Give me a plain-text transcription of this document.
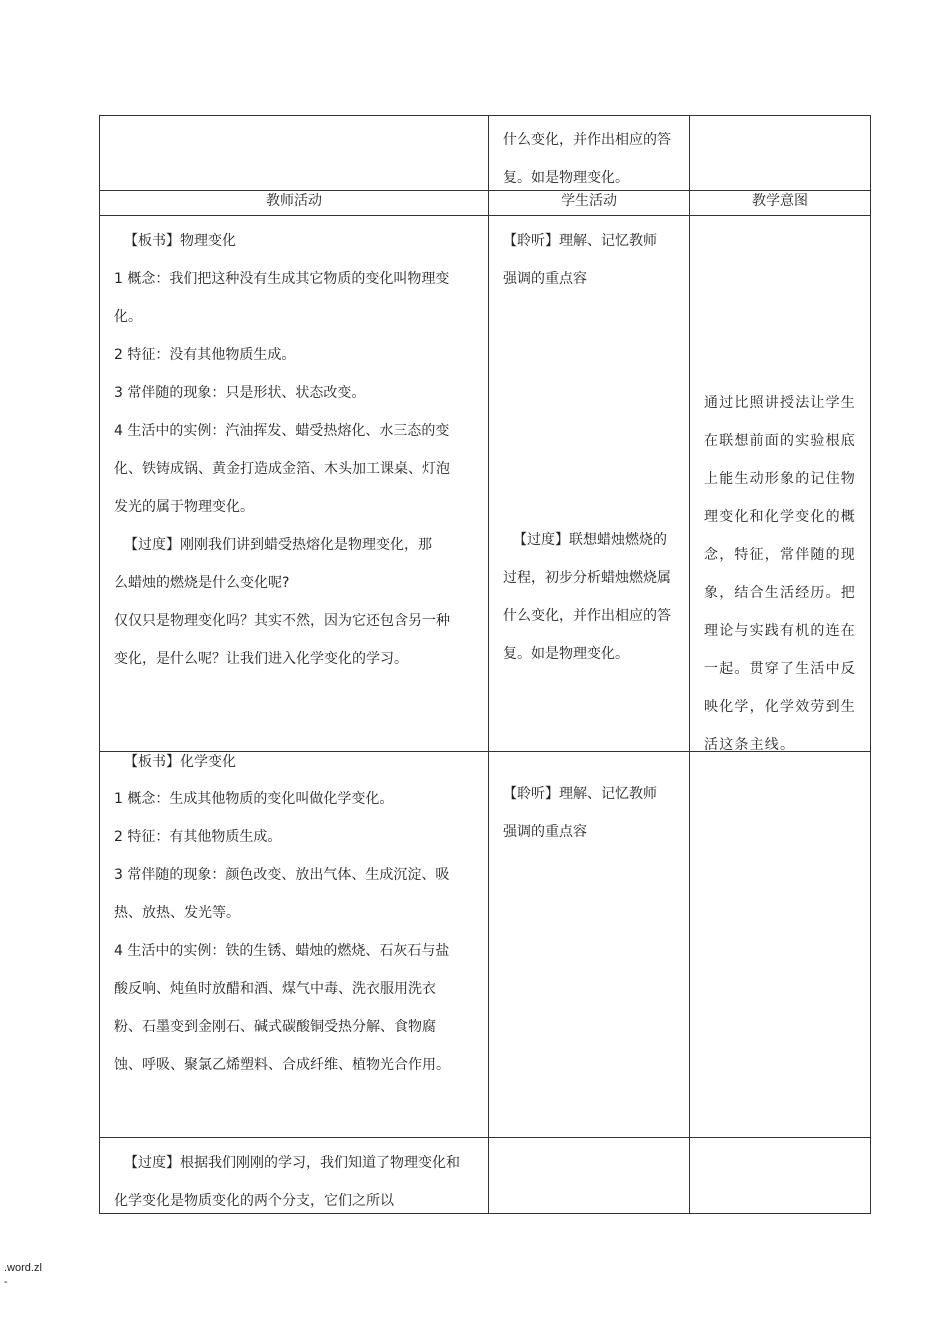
什么变化，并作出相应的答

复。如是物理变化。

教师活动	学生活动	教学意图

【板书】物理变化

1 概念：我们把这种没有生成其它物质的变化叫物理变

化。

2 特征：没有其他物质生成。

3 常伴随的现象：只是形状、状态改变。

4 生活中的实例：汽油挥发、蜡受热熔化、水三态的变

化、铁铸成锅、黄金打造成金箔、木头加工课桌、灯泡

发光的属于物理变化。

【过度】刚刚我们讲到蜡受热熔化是物理变化，那

么蜡烛的燃烧是什么变化呢?

仅仅只是物理变化吗？其实不然，因为它还包含另一种

变化，是什么呢？让我们进入化学变化的学习。

【聆听】理解、记忆教师

强调的重点容

【过度】联想蜡烛燃烧的

过程，初步分析蜡烛燃烧属

什么变化，并作出相应的答

复。如是物理变化。

通过比照讲授法让学生

在联想前面的实验根底

上能生动形象的记住物

理变化和化学变化的概

念，特征，常伴随的现

象，结合生活经历。把

理论与实践有机的连在

一起。贯穿了生活中反

映化学，化学效劳到生

活这条主线。

【板书】化学变化

1 概念：生成其他物质的变化叫做化学变化。

2 特征：有其他物质生成。

3 常伴随的现象：颜色改变、放出气体、生成沉淀、吸

热、放热、发光等。

4 生活中的实例：铁的生锈、蜡烛的燃烧、石灰石与盐

酸反响、炖鱼时放醋和酒、煤气中毒、洗衣服用洗衣

粉、石墨变到金刚石、碱式碳酸铜受热分解、食物腐

蚀、呼吸、聚氯乙烯塑料、合成纤维、植物光合作用。

【聆听】理解、记忆教师

强调的重点容

【过度】根据我们刚刚的学习，我们知道了物理变化和

化学变化是物质变化的两个分支，它们之所以

.word.zl
-
